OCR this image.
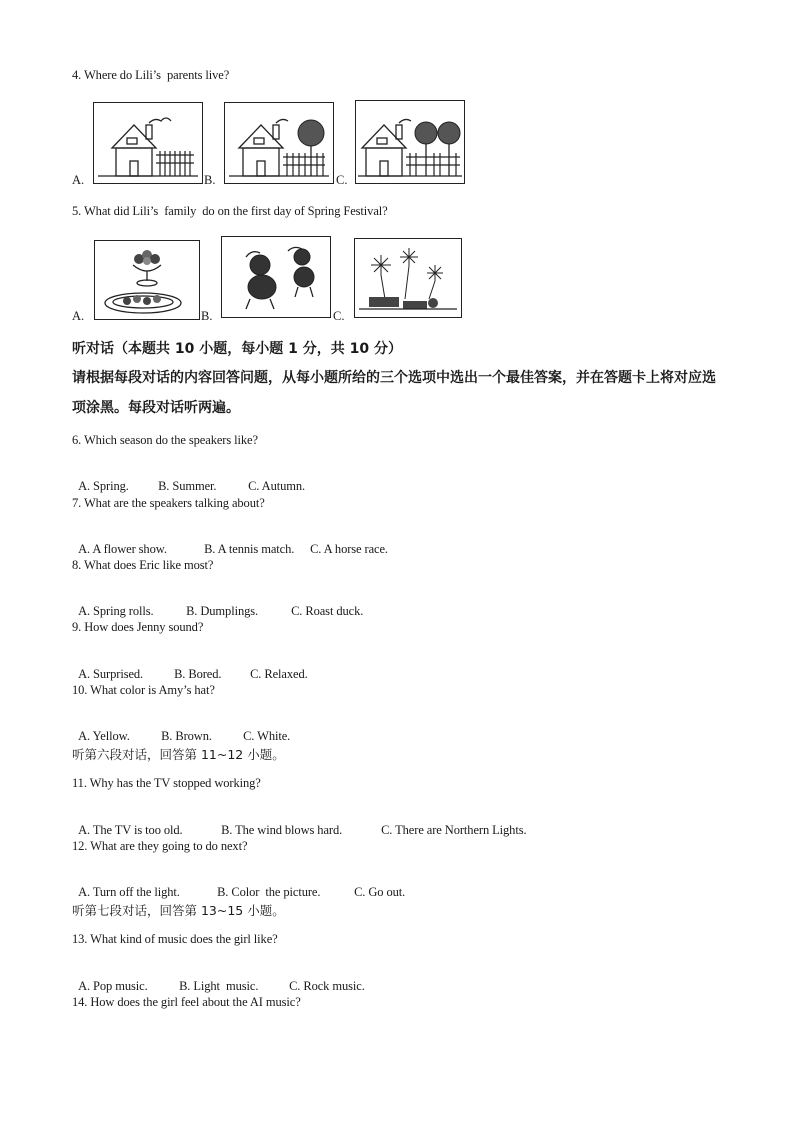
4. Where do Lili’s  parents live?
A.	B.	C.
5. What did Lili’s  family  do on the first day of Spring Festival?
A.	B.	C.
听对话（本题共 10 小题，每小题 1 分，共 10 分）
请根据每段对话的内容回答问题，从每小题所给的三个选项中选出一个最佳答案，并在答题卡上将对应选项涂黑。每段对话听两遍。
6. Which season do the speakers like?

A. Spring. B. Summer.	C. Autumn.

7. What are the speakers talking about?

A. A flower show.	B. A tennis match. C. A horse race.

8. What does Eric like most?

A. Spring rolls.	B. Dumplings.	C. Roast duck.

9. How does Jenny sound?

A. Surprised. B. Bored. C. Relaxed.

10. What color is Amy’s hat?

A. Yellow.	B. Brown. C. White.

听第六段对话，回答第 11~12 小题。
11. Why has the TV stopped working?

A. The TV is too old.	B. The wind blows hard.	C. There are Northern Lights.

12. What are they going to do next?

A. Turn off the light.	B. Color  the picture.	C. Go out.

听第七段对话，回答第 13~15 小题。
13. What kind of music does the girl like?

A. Pop music.	B. Light  music. C. Rock music.

14. How does the girl feel about the AI music?
